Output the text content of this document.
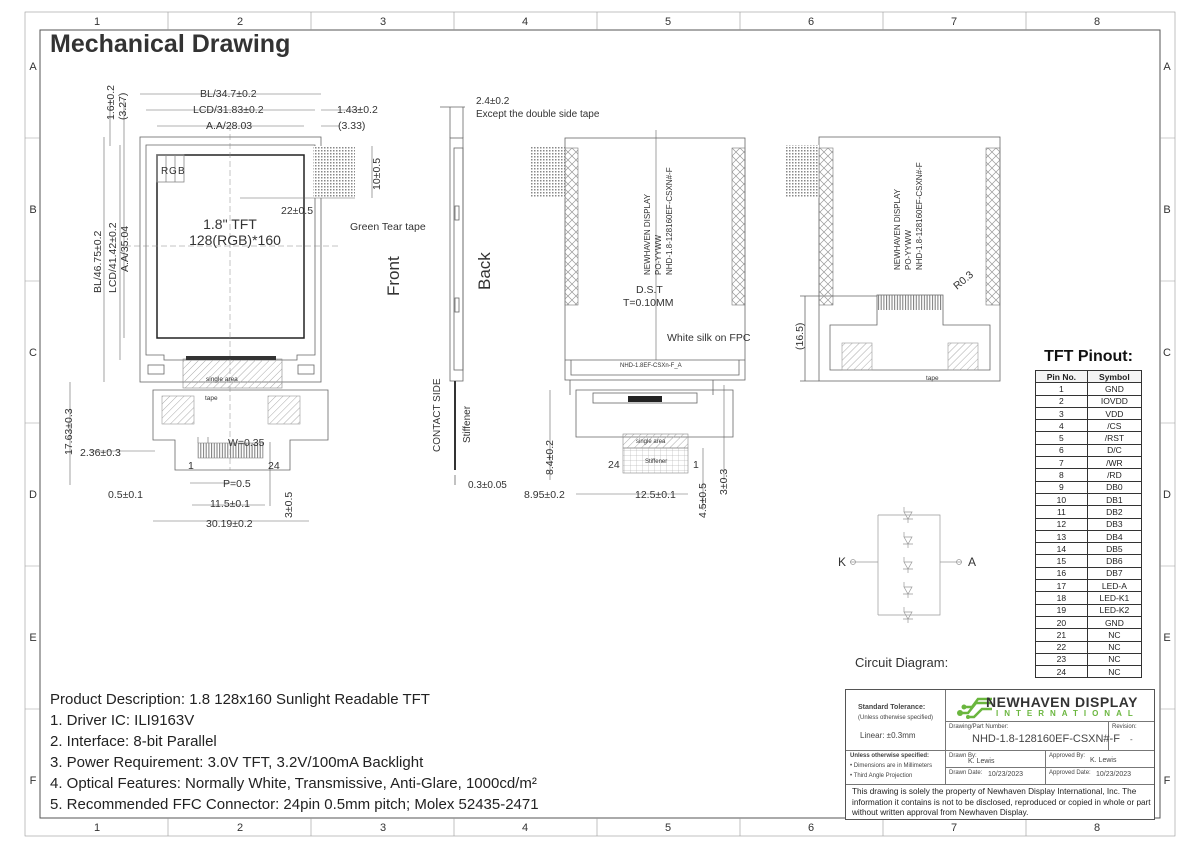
1	2	3	4	5	6	7	8
1	2	3	4	5	6	7	8
A
B
C
D
E
F
A
B
C
D
E
F
BL/34.7±0.2
LCD/31.83±0.2
A.A/28.03
1.43±0.2
(3.33)
1.6±0.2 (3.27)
BL/46.75±0.2 LCD/41.42±0.2 A.A/35.04
10±0.5
22±0.5
Green Tear tape
17.63±0.3 2.36±0.3
W=0.35
1	24
P=0.5
0.5±0.1
11.5±0.1	3±0.5
30.19±0.2
single area
tape
R G B
1.8" TFT
128(RGB)*160
Front
2.4±0.2
Except the double side tape
CONTACT SIDE Stiffener
0.3±0.05
Back	NEWHAVEN DISPLAY PO-YYWW NHD-1.8-128160EF-CSXN#-F
D.S.T
T=0.10MM
White silk on FPC
24	1
8.4±0.2
8.95±0.2	12.5±0.1 4.5±0.5
3±0.3
NHD-1.8EF-CSXn-F_A
single area
Stiffener
NEWHAVEN DISPLAY PO-YYWW NHD-1.8-128160EF-CSXN#-F
R0.3
(16.5)
tape
K	A
Circuit Diagram:
Mechanical Drawing
TFT Pinout:
Pin No.	Symbol
1	GND
2	IOVDD
3	VDD
4	/CS
5	/RST
6	D/C
7	/WR
8	/RD
9	DB0
10	DB1
11	DB2
12	DB3
13	DB4
14	DB5
15	DB6
16	DB7
17	LED-A
18	LED-K1
19	LED-K2
20	GND
21	NC
22	NC
23	NC
24	NC
Product Description: 1.8 128x160 Sunlight Readable TFT
1. Driver IC: ILI9163V
2. Interface: 8-bit Parallel
3. Power Requirement: 3.0V TFT, 3.2V/100mA Backlight
4. Optical Features: Normally White, Transmissive, Anti-Glare, 1000cd/m²
5. Recommended FFC Connector: 24pin 0.5mm pitch; Molex 52435-2471
Standard Tolerance:
(Unless otherwise specified)
Linear: ±0.3mm
NEWHAVEN DISPLAY
INTERNATIONAL
Drawing/Part Number:
NHD-1.8-128160EF-CSXN#-F
Revision:
-
Unless otherwise specified:
• Dimensions are in Millimeters
• Third Angle Projection
Drawn By:
K. Lewis
Approved By:
K. Lewis
Drawn Date: 10/23/2023	Approved Date: 10/23/2023
This drawing is solely the property of Newhaven Display International, Inc. The information it contains is not to be disclosed, reproduced or copied in whole or part without written approval from Newhaven Display.
